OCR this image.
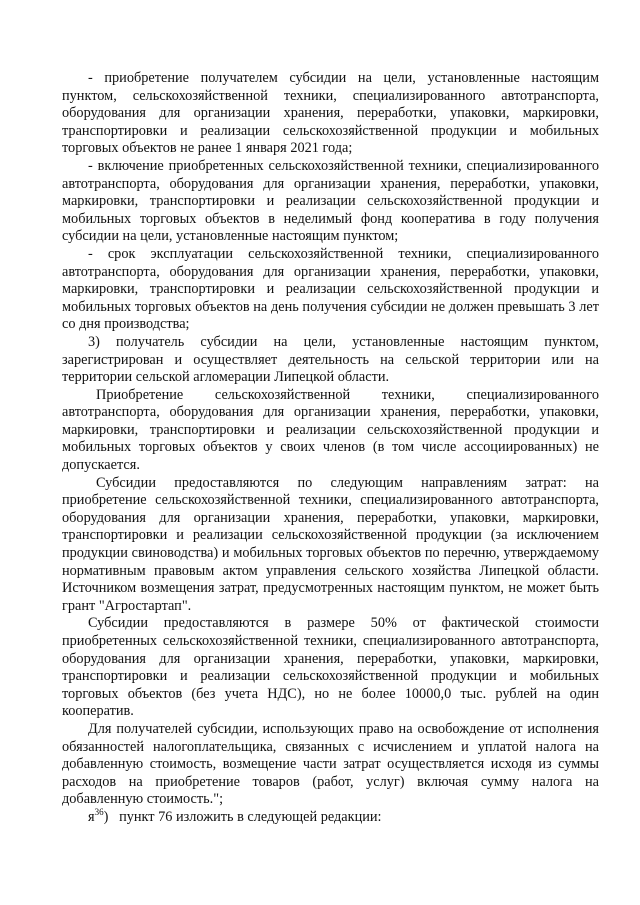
- приобретение получателем субсидии на цели, установленные настоящим пунктом, сельскохозяйственной техники, специализированного автотранспорта, оборудования для организации хранения, переработки, упаковки, маркировки, транспортировки и реализации сельскохозяйственной продукции и мобильных торговых объектов не ранее 1 января 2021 года;

- включение приобретенных сельскохозяйственной техники, специализированного автотранспорта, оборудования для организации хранения, переработки, упаковки, маркировки, транспортировки и реализации сельскохозяйственной продукции и мобильных торговых объектов в неделимый фонд кооператива в году получения субсидии на цели, установленные настоящим пунктом;

- срок эксплуатации сельскохозяйственной техники, специализированного автотранспорта, оборудования для организации хранения, переработки, упаковки, маркировки, транспортировки и реализации сельскохозяйственной продукции и мобильных торговых объектов на день получения субсидии не должен превышать 3 лет со дня производства;

3) получатель субсидии на цели, установленные настоящим пунктом, зарегистрирован и осуществляет деятельность на сельской территории или на территории сельской агломерации Липецкой области.

Приобретение сельскохозяйственной техники, специализированного автотранспорта, оборудования для организации хранения, переработки, упаковки, маркировки, транспортировки и реализации сельскохозяйственной продукции и мобильных торговых объектов у своих членов (в том числе ассоциированных) не допускается.

Субсидии предоставляются по следующим направлениям затрат: на приобретение сельскохозяйственной техники, специализированного автотранспорта, оборудования для организации хранения, переработки, упаковки, маркировки, транспортировки и реализации сельскохозяйственной продукции (за исключением продукции свиноводства) и мобильных торговых объектов по перечню, утверждаемому нормативным правовым актом управления сельского хозяйства Липецкой области. Источником возмещения затрат, предусмотренных настоящим пунктом, не может быть грант "Агростартап".

Субсидии предоставляются в размере 50% от фактической стоимости приобретенных сельскохозяйственной техники, специализированного автотранспорта, оборудования для организации хранения, переработки, упаковки, маркировки, транспортировки и реализации сельскохозяйственной продукции и мобильных торговых объектов (без учета НДС), но не более 10000,0 тыс. рублей на один кооператив.

Для получателей субсидии, использующих право на освобождение от исполнения обязанностей налогоплательщика, связанных с исчислением и уплатой налога на добавленную стоимость, возмещение части затрат осуществляется исходя из суммы расходов на приобретение товаров (работ, услуг) включая сумму налога на добавленную стоимость.";

$я^{36}$) пункт 76 изложить в следующей редакции:
